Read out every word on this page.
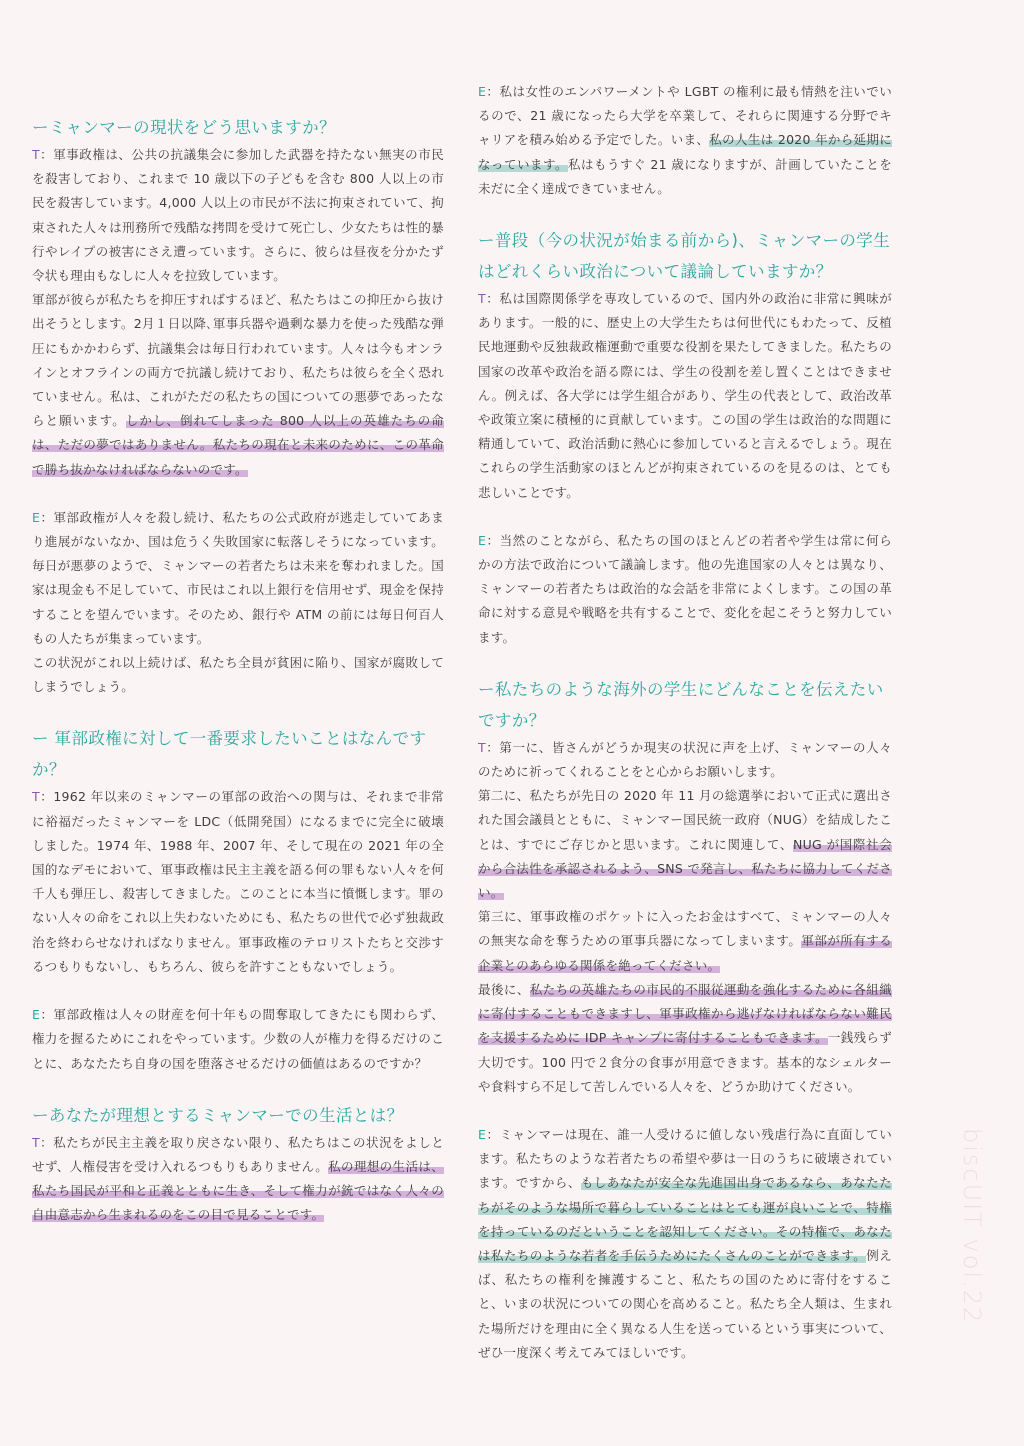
ーミャンマーの現状をどう思いますか？

T：軍事政権は、公共の抗議集会に参加した武器を持たない無実の市民を殺害しており、これまで 10 歳以下の子どもを含む 800 人以上の市民を殺害しています。4,000 人以上の市民が不法に拘束されていて、拘束された人々は刑務所で残酷な拷問を受けて死亡し、少女たちは性的暴行やレイプの被害にさえ遭っています。さらに、彼らは昼夜を分かたず令状も理由もなしに人々を拉致しています。

軍部が彼らが私たちを抑圧すればするほど、私たちはこの抑圧から抜け出そうとします。2月１日以降､軍事兵器や過剰な暴力を使った残酷な弾圧にもかかわらず、抗議集会は毎日行われています。人々は今もオンラインとオフラインの両方で抗議し続けており、私たちは彼らを全く恐れていません。私は、これがただの私たちの国についての悪夢であったならと願います。しかし、倒れてしまった 800 人以上の英雄たちの命は、ただの夢ではありません。私たちの現在と未来のために、この革命で勝ち抜かなければならないのです。

E：軍部政権が人々を殺し続け、私たちの公式政府が逃走していてあまり進展がないなか、国は危うく失敗国家に転落しそうになっています。毎日が悪夢のようで、ミャンマーの若者たちは未来を奪われました。国家は現金も不足していて、市民はこれ以上銀行を信用せず、現金を保持することを望んでいます。そのため、銀行や ATM の前には毎日何百人もの人たちが集まっています。

この状況がこれ以上続けば、私たち全員が貧困に陥り、国家が腐敗してしまうでしょう。

ー 軍部政権に対して一番要求したいことはなんですか？

T：1962 年以来のミャンマーの軍部の政治への関与は、それまで非常に裕福だったミャンマーを LDC（低開発国）になるまでに完全に破壊しました。1974 年、1988 年、2007 年、そして現在の 2021 年の全国的なデモにおいて、軍事政権は民主主義を語る何の罪もない人々を何千人も弾圧し、殺害してきました。このことに本当に憤慨します。罪のない人々の命をこれ以上失わないためにも、私たちの世代で必ず独裁政治を終わらせなければなりません。軍事政権のテロリストたちと交渉するつもりもないし、もちろん、彼らを許すこともないでしょう。

E：軍部政権は人々の財産を何十年もの間奪取してきたにも関わらず、権力を握るためにこれをやっています。少数の人が権力を得るだけのことに、あなたたち自身の国を堕落させるだけの価値はあるのですか？

ーあなたが理想とするミャンマーでの生活とは？

T：私たちが民主主義を取り戻さない限り、私たちはこの状況をよしとせず、人権侵害を受け入れるつもりもありません。私の理想の生活は、私たち国民が平和と正義とともに生き、そして権力が銃ではなく人々の自由意志から生まれるのをこの目で見ることです。

E：私は女性のエンパワーメントや LGBT の権利に最も情熱を注いでいるので、21 歳になったら大学を卒業して、それらに関連する分野でキャリアを積み始める予定でした。いま、私の人生は 2020 年から延期になっています。私はもうすぐ 21 歳になりますが、計画していたことを未だに全く達成できていません。

ー普段（今の状況が始まる前から)、ミャンマーの学生はどれくらい政治について議論していますか？

T：私は国際関係学を専攻しているので、国内外の政治に非常に興味があります。一般的に、歴史上の大学生たちは何世代にもわたって、反植民地運動や反独裁政権運動で重要な役割を果たしてきました。私たちの国家の改革や政治を語る際には、学生の役割を差し置くことはできません。例えば、各大学には学生組合があり、学生の代表として、政治改革や政策立案に積極的に貢献しています。この国の学生は政治的な問題に精通していて、政治活動に熱心に参加していると言えるでしょう。現在これらの学生活動家のほとんどが拘束されているのを見るのは、とても悲しいことです。

E：当然のことながら、私たちの国のほとんどの若者や学生は常に何らかの方法で政治について議論します。他の先進国家の人々とは異なり、ミャンマーの若者たちは政治的な会話を非常によくします。この国の革命に対する意見や戦略を共有することで、変化を起こそうと努力しています。

ー私たちのような海外の学生にどんなことを伝えたいですか？

T：第一に、皆さんがどうか現実の状況に声を上げ、ミャンマーの人々のために祈ってくれることをと心からお願いします。

第二に、私たちが先日の 2020 年 11 月の総選挙において正式に選出された国会議員とともに、ミャンマー国民統一政府（NUG）を結成したことは、すでにご存じかと思います。これに関連して、NUG が国際社会から合法性を承認されるよう、SNS で発言し、私たちに協力してください。

第三に、軍事政権のポケットに入ったお金はすべて、ミャンマーの人々の無実な命を奪うための軍事兵器になってしまいます。軍部が所有する企業とのあらゆる関係を絶ってください。

最後に、私たちの英雄たちの市民的不服従運動を強化するために各組織に寄付することもできますし、軍事政権から逃げなければならない難民を支援するために IDP キャンプに寄付することもできます。一銭残らず大切です。100 円で２食分の食事が用意できます。基本的なシェルターや食料すら不足して苦しんでいる人々を、どうか助けてください。

E：ミャンマーは現在、誰一人受けるに値しない残虐行為に直面しています。私たちのような若者たちの希望や夢は一日のうちに破壊されています。ですから、もしあなたが安全な先進国出身であるなら、あなたたちがそのような場所で暮らしていることはとても運が良いことで、特権を持っているのだということを認知してください。その特権で、あなたは私たちのような若者を手伝うためにたくさんのことができます。例えば、私たちの権利を擁護すること、私たちの国のために寄付をすること、いまの状況についての関心を高めること。私たち全人類は、生まれた場所だけを理由に全く異なる人生を送っているという事実について、ぜひ一度深く考えてみてほしいです。

biscUIT vol.22
